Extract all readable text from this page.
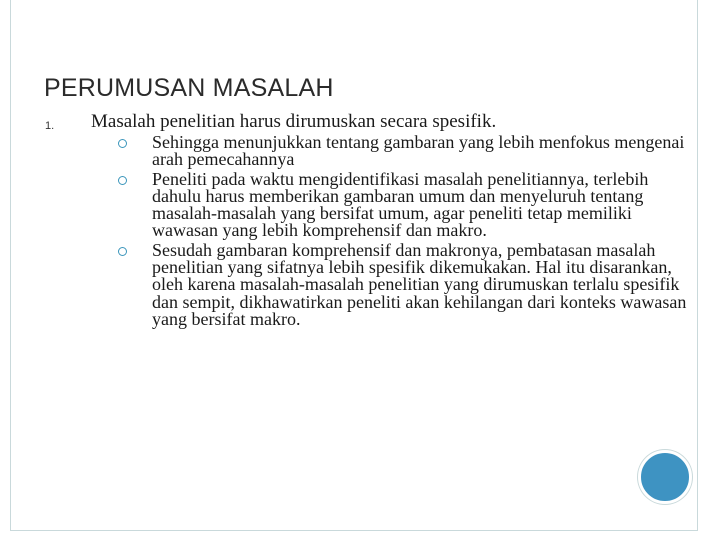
PERUMUSAN MASALAH
1. Masalah penelitian harus dirumuskan secara spesifik.
Sehingga menunjukkan tentang gambaran yang lebih menfokus mengenai arah pemecahannya
Peneliti pada waktu mengidentifikasi masalah penelitiannya, terlebih dahulu harus memberikan gambaran umum dan menyeluruh tentang masalah-masalah yang bersifat umum, agar peneliti tetap memiliki wawasan yang lebih komprehensif dan makro.
Sesudah gambaran komprehensif dan makronya, pembatasan masalah penelitian yang sifatnya lebih spesifik dikemukakan. Hal itu disarankan, oleh karena masalah-masalah penelitian yang dirumuskan terlalu spesifik dan sempit, dikhawatirkan peneliti akan kehilangan dari konteks wawasan yang bersifat makro.
